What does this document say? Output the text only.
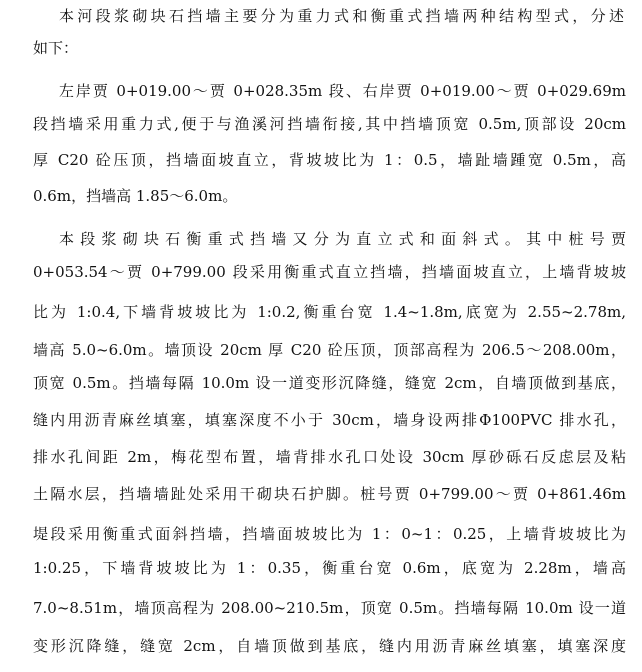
本河段浆砌块石挡墙主要分为重力式和衡重式挡墙两种结构型式，分述
如下：
左岸贾 0+019.00～贾 0+028.35m 段、右岸贾 0+019.00～贾 0+029.69m
段挡墙采用重力式,便于与渔溪河挡墙衔接,其中挡墙顶宽 0.5m,顶部设 20cm
厚 C20 砼压顶，挡墙面坡直立，背坡坡比为 1：0.5，墙趾墙踵宽 0.5m，高
0.6m，挡墙高 1.85～6.0m。
本段浆砌块石衡重式挡墙又分为直立式和面斜式。其中桩号贾
0+053.54～贾 0+799.00 段采用衡重式直立挡墙，挡墙面坡直立，上墙背坡坡
比为 1:0.4,下墙背坡坡比为 1:0.2,衡重台宽 1.4~1.8m,底宽为 2.55~2.78m,
墙高 5.0~6.0m。墙顶设 20cm 厚 C20 砼压顶，顶部高程为 206.5～208.00m，
顶宽 0.5m。挡墙每隔 10.0m 设一道变形沉降缝，缝宽 2cm，自墙顶做到基底，
缝内用沥青麻丝填塞，填塞深度不小于 30cm，墙身设两排Φ100PVC 排水孔，
排水孔间距 2m，梅花型布置，墙背排水孔口处设 30cm 厚砂砾石反虑层及粘
土隔水层，挡墙墙趾处采用干砌块石护脚。桩号贾 0+799.00～贾 0+861.46m
堤段采用衡重式面斜挡墙，挡墙面坡坡比为 1：0~1：0.25，上墙背坡坡比为
1:0.25，下墙背坡坡比为 1：0.35，衡重台宽 0.6m，底宽为 2.28m，墙高
7.0~8.51m，墙顶高程为 208.00~210.5m，顶宽 0.5m。挡墙每隔 10.0m 设一道
变形沉降缝，缝宽 2cm，自墙顶做到基底，缝内用沥青麻丝填塞，填塞深度
